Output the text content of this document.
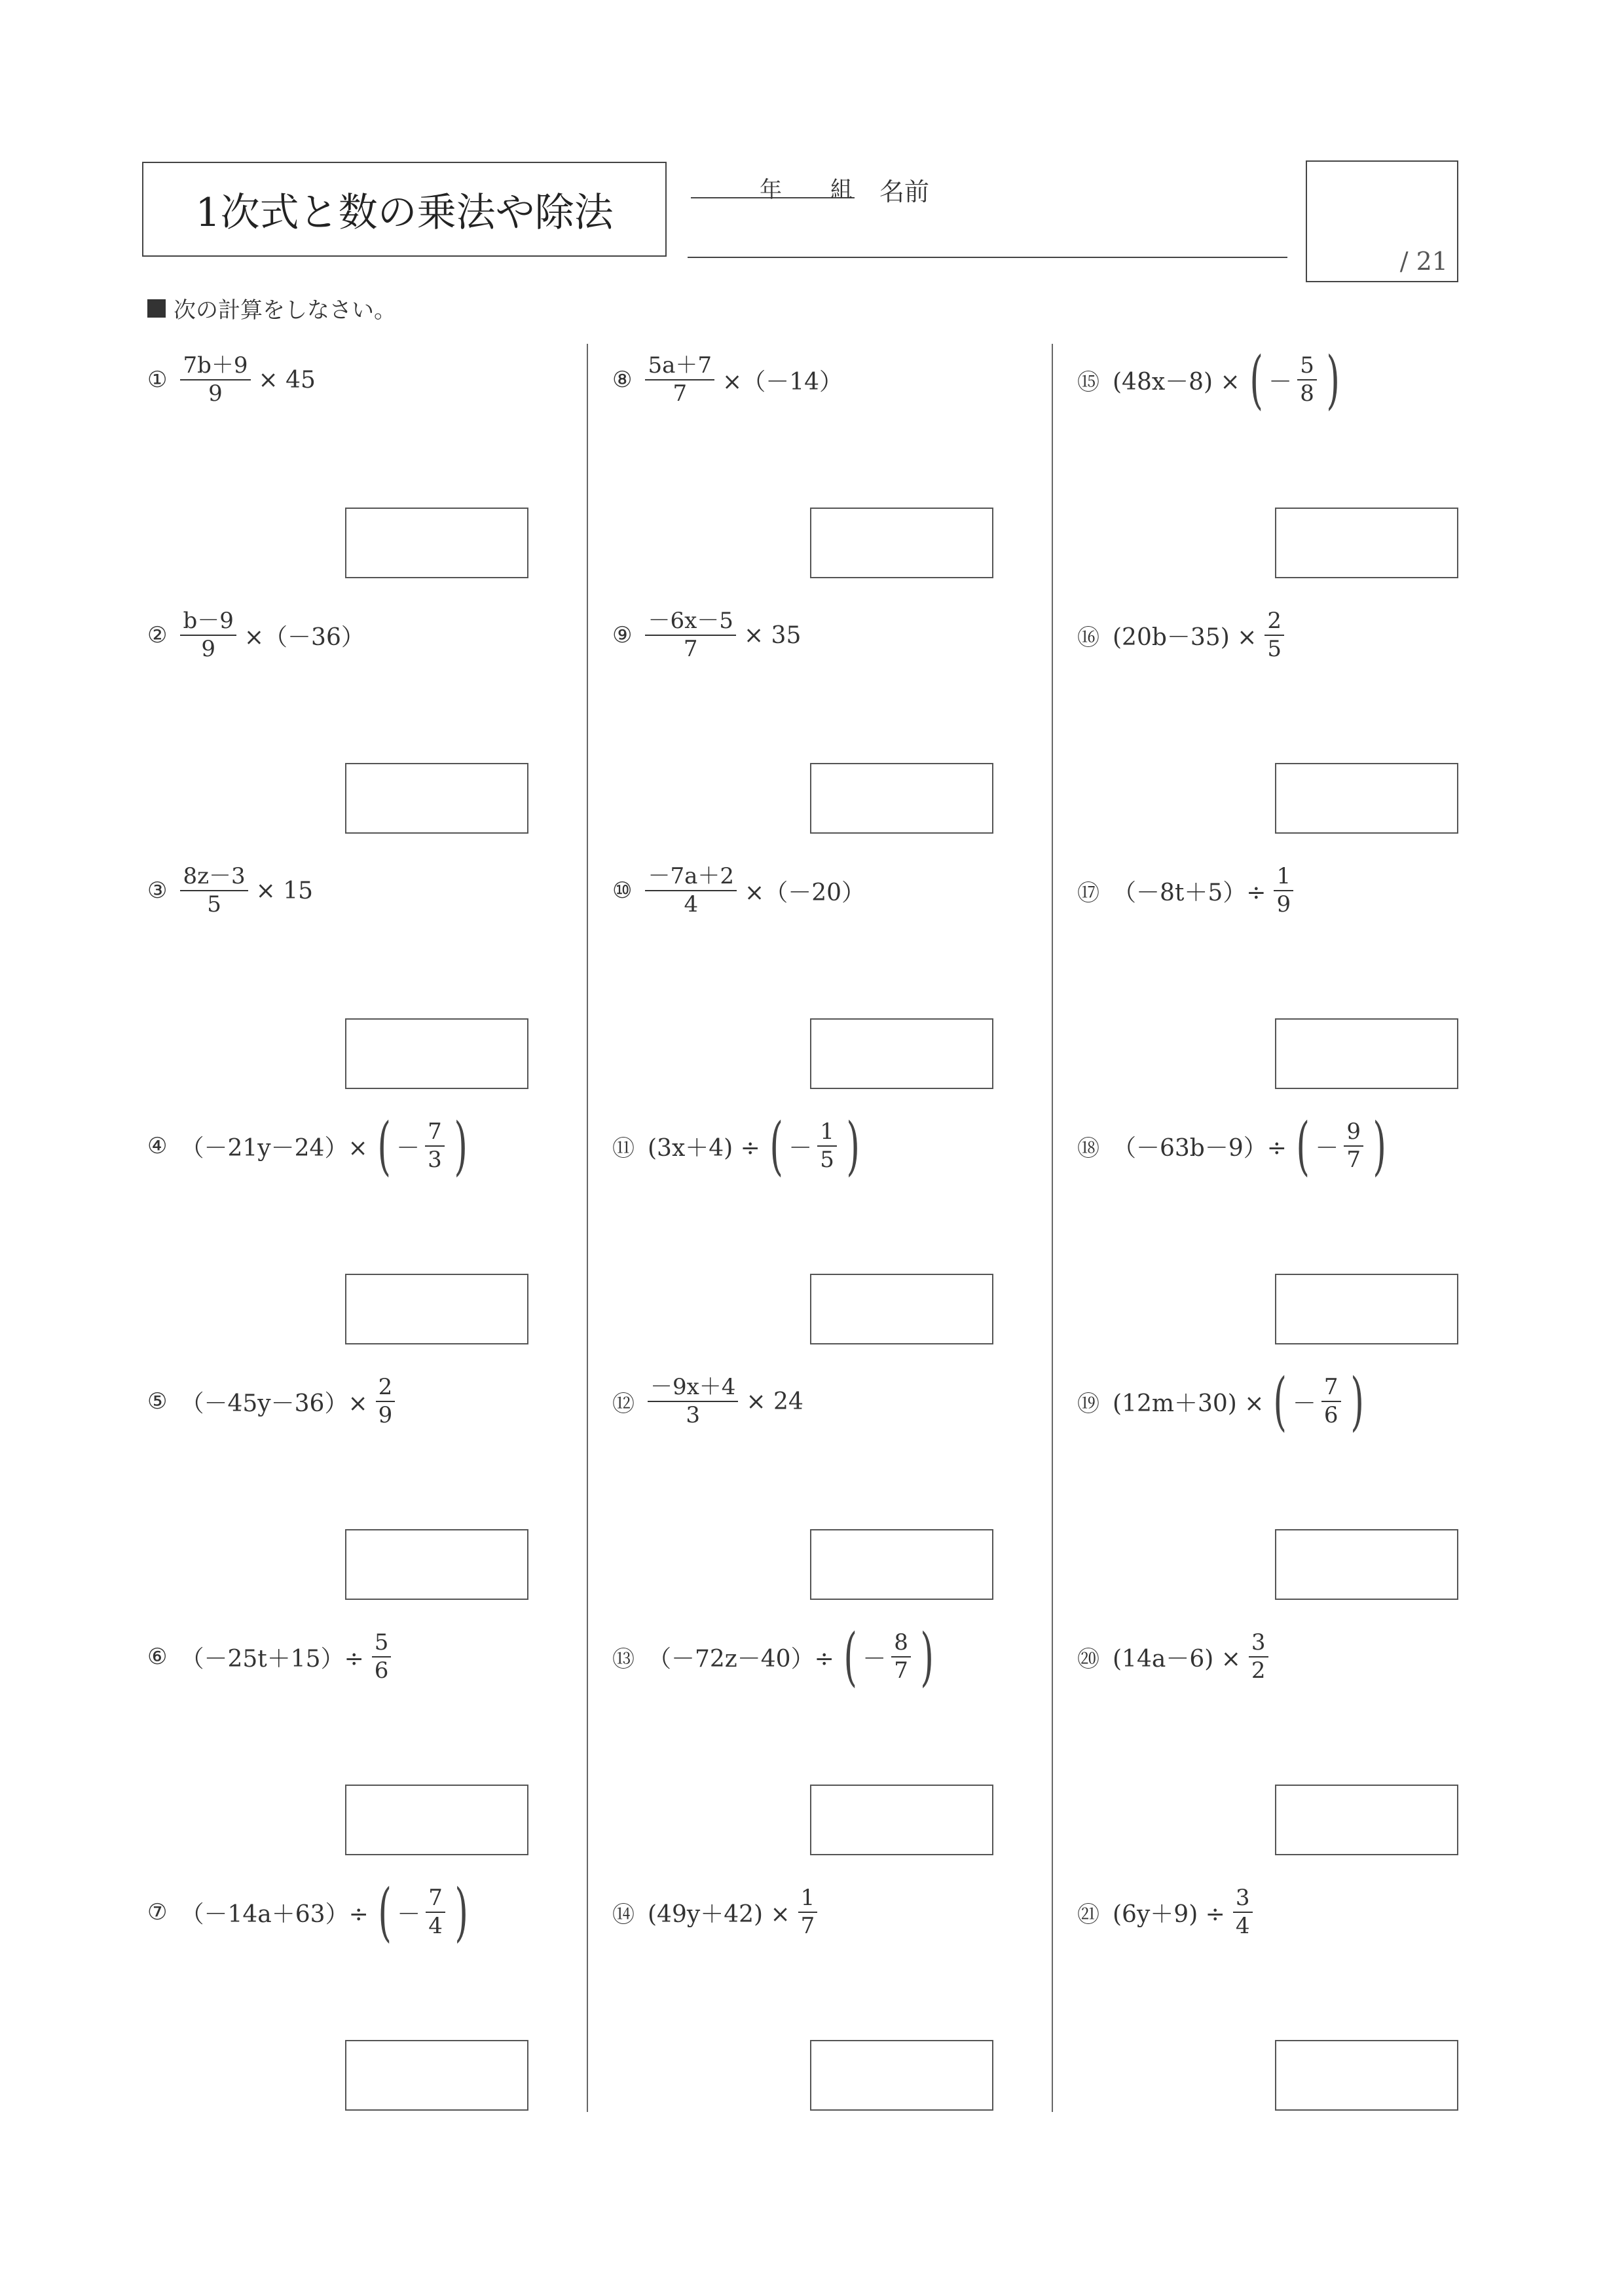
1次式と数の乗法や除法	年 組 名前
/ 21
次の計算をしなさい。
① $\frac{7b+9}{9} \times 45$
② $\frac{b-9}{9} \times(-36)$
③ $\frac{8z-3}{5} \times 15$
④ （－21y－24）× ( － $\frac{7}{3}$ )
⑤ $(-45y-36)\times \frac{2}{9}$
⑥ $(-25t+15)\div \frac{5}{6}$
⑦ （－14a＋63）÷ ( － $\frac{7}{4}$ )
⑧ $\frac{5a+7}{7} \times(-14)$
⑨ $\frac{-6x-5}{7} \times 35$
⑩ $\frac{-7a+2}{4} \times(-20)$
⑪ (3x＋4) ÷ ( － $\frac{1}{5}$ )
⑫ $\frac{-9x+4}{3} \times 24$
⑬ （－72z－40）÷ ( － $\frac{8}{7}$ )
⑭ $(49y+42) \times \frac{1}{7}$
⑮ (48x－8) × ( － $\frac{5}{8}$ )
⑯ $(20b-35) \times \frac{2}{5}$
⑰ $(-8t+5)\div \frac{1}{9}$
⑱ （－63b－9）÷ ( － $\frac{9}{7}$ )
⑲ (12m＋30) × ( － $\frac{7}{6}$ )
⑳ $(14a-6) \times \frac{3}{2}$
㉑ $(6y+9) \div \frac{3}{4}$
